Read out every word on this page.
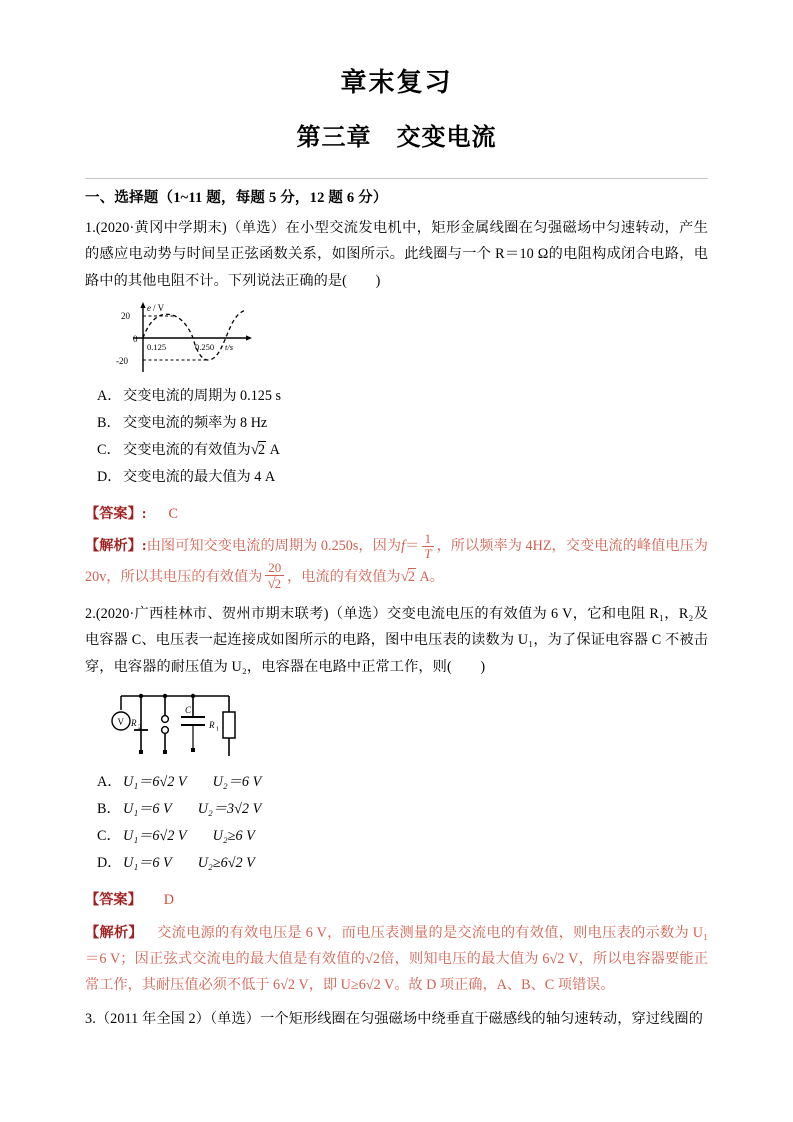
章末复习
第三章　交变电流
一、选择题（1~11 题，每题 5 分，12 题 6 分）
1.(2020·黄冈中学期末)（单选）在小型交流发电机中，矩形金属线圈在匀强磁场中匀速转动，产生的感应电动势与时间呈正弦函数关系，如图所示。此线圈与一个 R＝10 Ω的电阻构成闭合电路，电路中的其他电阻不计。下列说法正确的是(　　)
e / V
20
0
-20
0.125	0.250 t/s
A． 交变电流的周期为 0.125 s
B． 交变电流的频率为 8 Hz
C． 交变电流的有效值为√2 A
D． 交变电流的最大值为 4 A
【答案】: C
【解析】:由图可知交变电流的周期为 0.250s，因为$f= \frac{1}{T}$ ，所以频率为 4HZ，交变电流的峰值电压为 20v，所以其电压的有效值为 $\frac{20}{√2}$ ，电流的有效值为√2 A。
2.(2020·广西桂林市、贺州市期末联考)（单选）交变电流电压的有效值为 6 V，它和电阻 R₁，R₂及电容器 C、电压表一起连接成如图所示的电路，图中电压表的读数为 U₁，为了保证电容器 C 不被击穿，电容器的耐压值为 U₂，电容器在电路中正常工作，则(　　)
V R 2
C
R 1
A． U₁＝6√2 V U₂＝6 V
B． U₁＝6 V U₂＝3√2 V
C． U₁＝6√2 V U₂≥6 V
D． U₁＝6 V U₂≥6√2 V
【答案】 D
【解析】 交流电源的有效电压是 6 V，而电压表测量的是交流电的有效值，则电压表的示数为 U₁＝6 V；因正弦式交流电的最大值是有效值的√2倍，则知电压的最大值为 6√2 V，所以电容器要能正常工作，其耐压值必须不低于 6√2 V，即 U≥6√2 V。故 D 项正确，A、B、C 项错误。
3.（2011 年全国 2）（单选）一个矩形线圈在匀强磁场中绕垂直于磁感线的轴匀速转动，穿过线圈的
